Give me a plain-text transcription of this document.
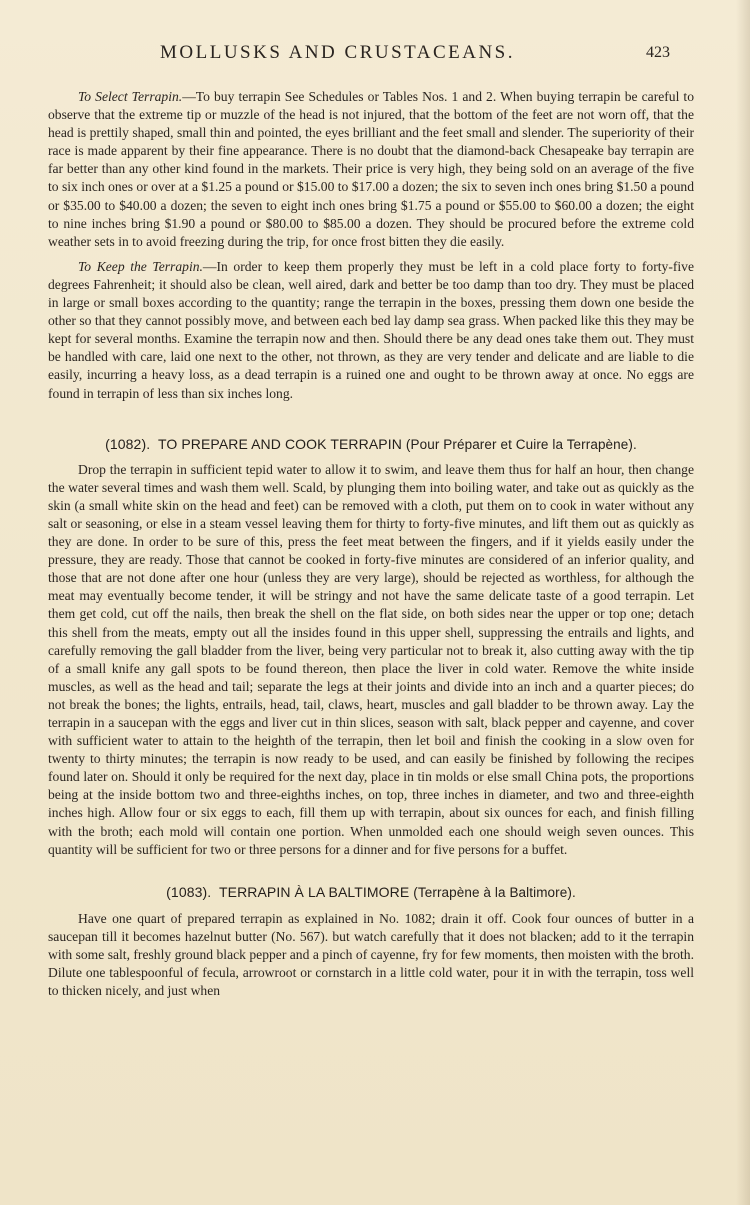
MOLLUSKS AND CRUSTACEANS.	423

To Select Terrapin.—To buy terrapin See Schedules or Tables Nos. 1 and 2. When buying terrapin be careful to observe that the extreme tip or muzzle of the head is not injured, that the bottom of the feet are not worn off, that the head is prettily shaped, small thin and pointed, the eyes brilliant and the feet small and slender. The superiority of their race is made apparent by their fine appearance. There is no doubt that the diamond-back Chesapeake bay terrapin are far better than any other kind found in the markets. Their price is very high, they being sold on an average of the five to six inch ones or over at a $1.25 a pound or $15.00 to $17.00 a dozen; the six to seven inch ones bring $1.50 a pound or $35.00 to $40.00 a dozen; the seven to eight inch ones bring $1.75 a pound or $55.00 to $60.00 a dozen; the eight to nine inches bring $1.90 a pound or $80.00 to $85.00 a dozen. They should be procured before the extreme cold weather sets in to avoid freezing during the trip, for once frost bitten they die easily.

To Keep the Terrapin.—In order to keep them properly they must be left in a cold place forty to forty-five degrees Fahrenheit; it should also be clean, well aired, dark and better be too damp than too dry. They must be placed in large or small boxes according to the quantity; range the terrapin in the boxes, pressing them down one beside the other so that they cannot possibly move, and between each bed lay damp sea grass. When packed like this they may be kept for several months. Examine the terrapin now and then. Should there be any dead ones take them out. They must be handled with care, laid one next to the other, not thrown, as they are very tender and delicate and are liable to die easily, incurring a heavy loss, as a dead terrapin is a ruined one and ought to be thrown away at once. No eggs are found in terrapin of less than six inches long.

(1082). TO PREPARE AND COOK TERRAPIN (Pour Préparer et Cuire la Terrapène).

Drop the terrapin in sufficient tepid water to allow it to swim, and leave them thus for half an hour, then change the water several times and wash them well. Scald, by plunging them into boiling water, and take out as quickly as the skin (a small white skin on the head and feet) can be removed with a cloth, put them on to cook in water without any salt or seasoning, or else in a steam vessel leaving them for thirty to forty-five minutes, and lift them out as quickly as they are done. In order to be sure of this, press the feet meat between the fingers, and if it yields easily under the pressure, they are ready. Those that cannot be cooked in forty-five minutes are considered of an inferior quality, and those that are not done after one hour (unless they are very large), should be rejected as worthless, for although the meat may eventually become tender, it will be stringy and not have the same delicate taste of a good terrapin. Let them get cold, cut off the nails, then break the shell on the flat side, on both sides near the upper or top one; detach this shell from the meats, empty out all the insides found in this upper shell, suppressing the entrails and lights, and carefully removing the gall bladder from the liver, being very particular not to break it, also cutting away with the tip of a small knife any gall spots to be found thereon, then place the liver in cold water. Remove the white inside muscles, as well as the head and tail; separate the legs at their joints and divide into an inch and a quarter pieces; do not break the bones; the lights, entrails, head, tail, claws, heart, muscles and gall bladder to be thrown away. Lay the terrapin in a saucepan with the eggs and liver cut in thin slices, season with salt, black pepper and cayenne, and cover with sufficient water to attain to the heighth of the terrapin, then let boil and finish the cooking in a slow oven for twenty to thirty minutes; the terrapin is now ready to be used, and can easily be finished by following the recipes found later on. Should it only be required for the next day, place in tin molds or else small China pots, the proportions being at the inside bottom two and three-eighths inches, on top, three inches in diameter, and two and three-eighth inches high. Allow four or six eggs to each, fill them up with terrapin, about six ounces for each, and finish filling with the broth; each mold will contain one portion. When unmolded each one should weigh seven ounces. This quantity will be sufficient for two or three persons for a dinner and for five persons for a buffet.

(1083). TERRAPIN À LA BALTIMORE (Terrapène à la Baltimore).

Have one quart of prepared terrapin as explained in No. 1082; drain it off. Cook four ounces of butter in a saucepan till it becomes hazelnut butter (No. 567). but watch carefully that it does not blacken; add to it the terrapin with some salt, freshly ground black pepper and a pinch of cayenne, fry for few moments, then moisten with the broth. Dilute one tablespoonful of fecula, arrowroot or cornstarch in a little cold water, pour it in with the terrapin, toss well to thicken nicely, and just when
